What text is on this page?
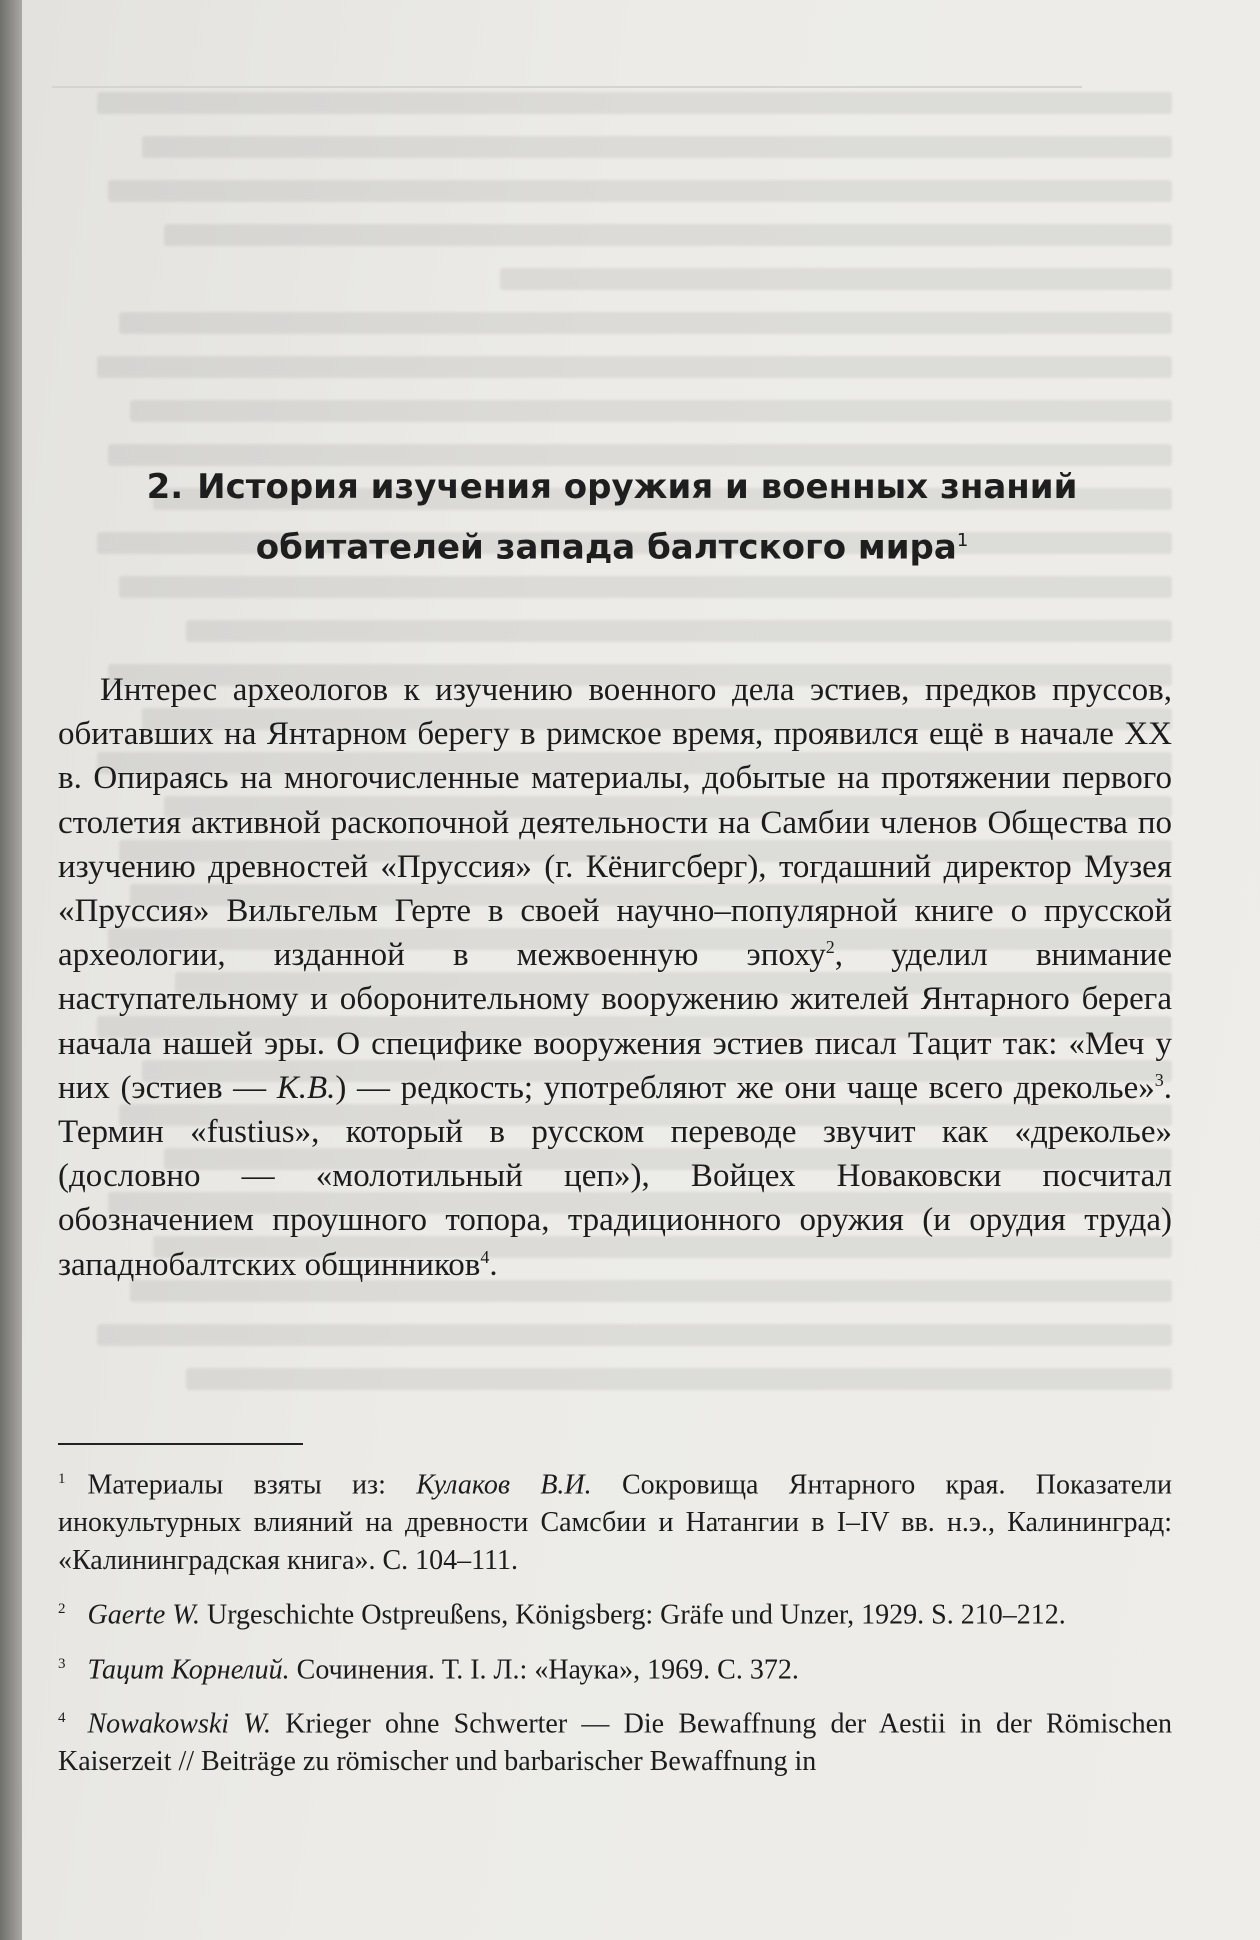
2. История изучения оружия и военных знаний обитателей запада балтского мира$^1$

Интерес археологов к изучению военного дела эстиев, предков пруссов, обитавших на Янтарном берегу в римское время, проявился ещё в начале XX в. Опираясь на многочисленные материалы, добытые на протяжении первого столетия активной раскопочной деятельности на Самбии членов Общества по изучению древностей «Пруссия» (г. Кёнигсберг), тогдашний директор Музея «Пруссия» Вильгельм Герте в своей научно–популярной книге о прусской археологии, изданной в межвоенную эпоху$^2$, уделил внимание наступательному и оборонительному вооружению жителей Янтарного берега начала нашей эры. О специфике вооружения эстиев писал Тацит так: «Меч у них (эстиев — К.В.) — редкость; употребляют же они чаще всего дреколье»$^3$. Термин «fustius», который в русском переводе звучит как «дреколье» (дословно — «молотильный цеп»), Войцех Новаковски посчитал обозначением проушного топора, традиционного оружия (и орудия труда) западнобалтских общинников$^4$.

$^1$ Материалы взяты из: Кулаков В.И. Сокровища Янтарного края. Показатели инокультурных влияний на древности Самсбии и Натангии в I–IV вв. н.э., Калининград: «Калининградская книга». С. 104–111.

$^2$ Gaerte W. Urgeschichte Ostpreußens, Königsberg: Gräfe und Unzer, 1929. S. 210–212.

$^3$ Тацит Корнелий. Сочинения. Т. I. Л.: «Наука», 1969. С. 372.

$^4$ Nowakowski W. Krieger ohne Schwerter — Die Bewaffnung der Aestii in der Römischen Kaiserzeit // Beiträge zu römischer und barbarischer Bewaffnung in
